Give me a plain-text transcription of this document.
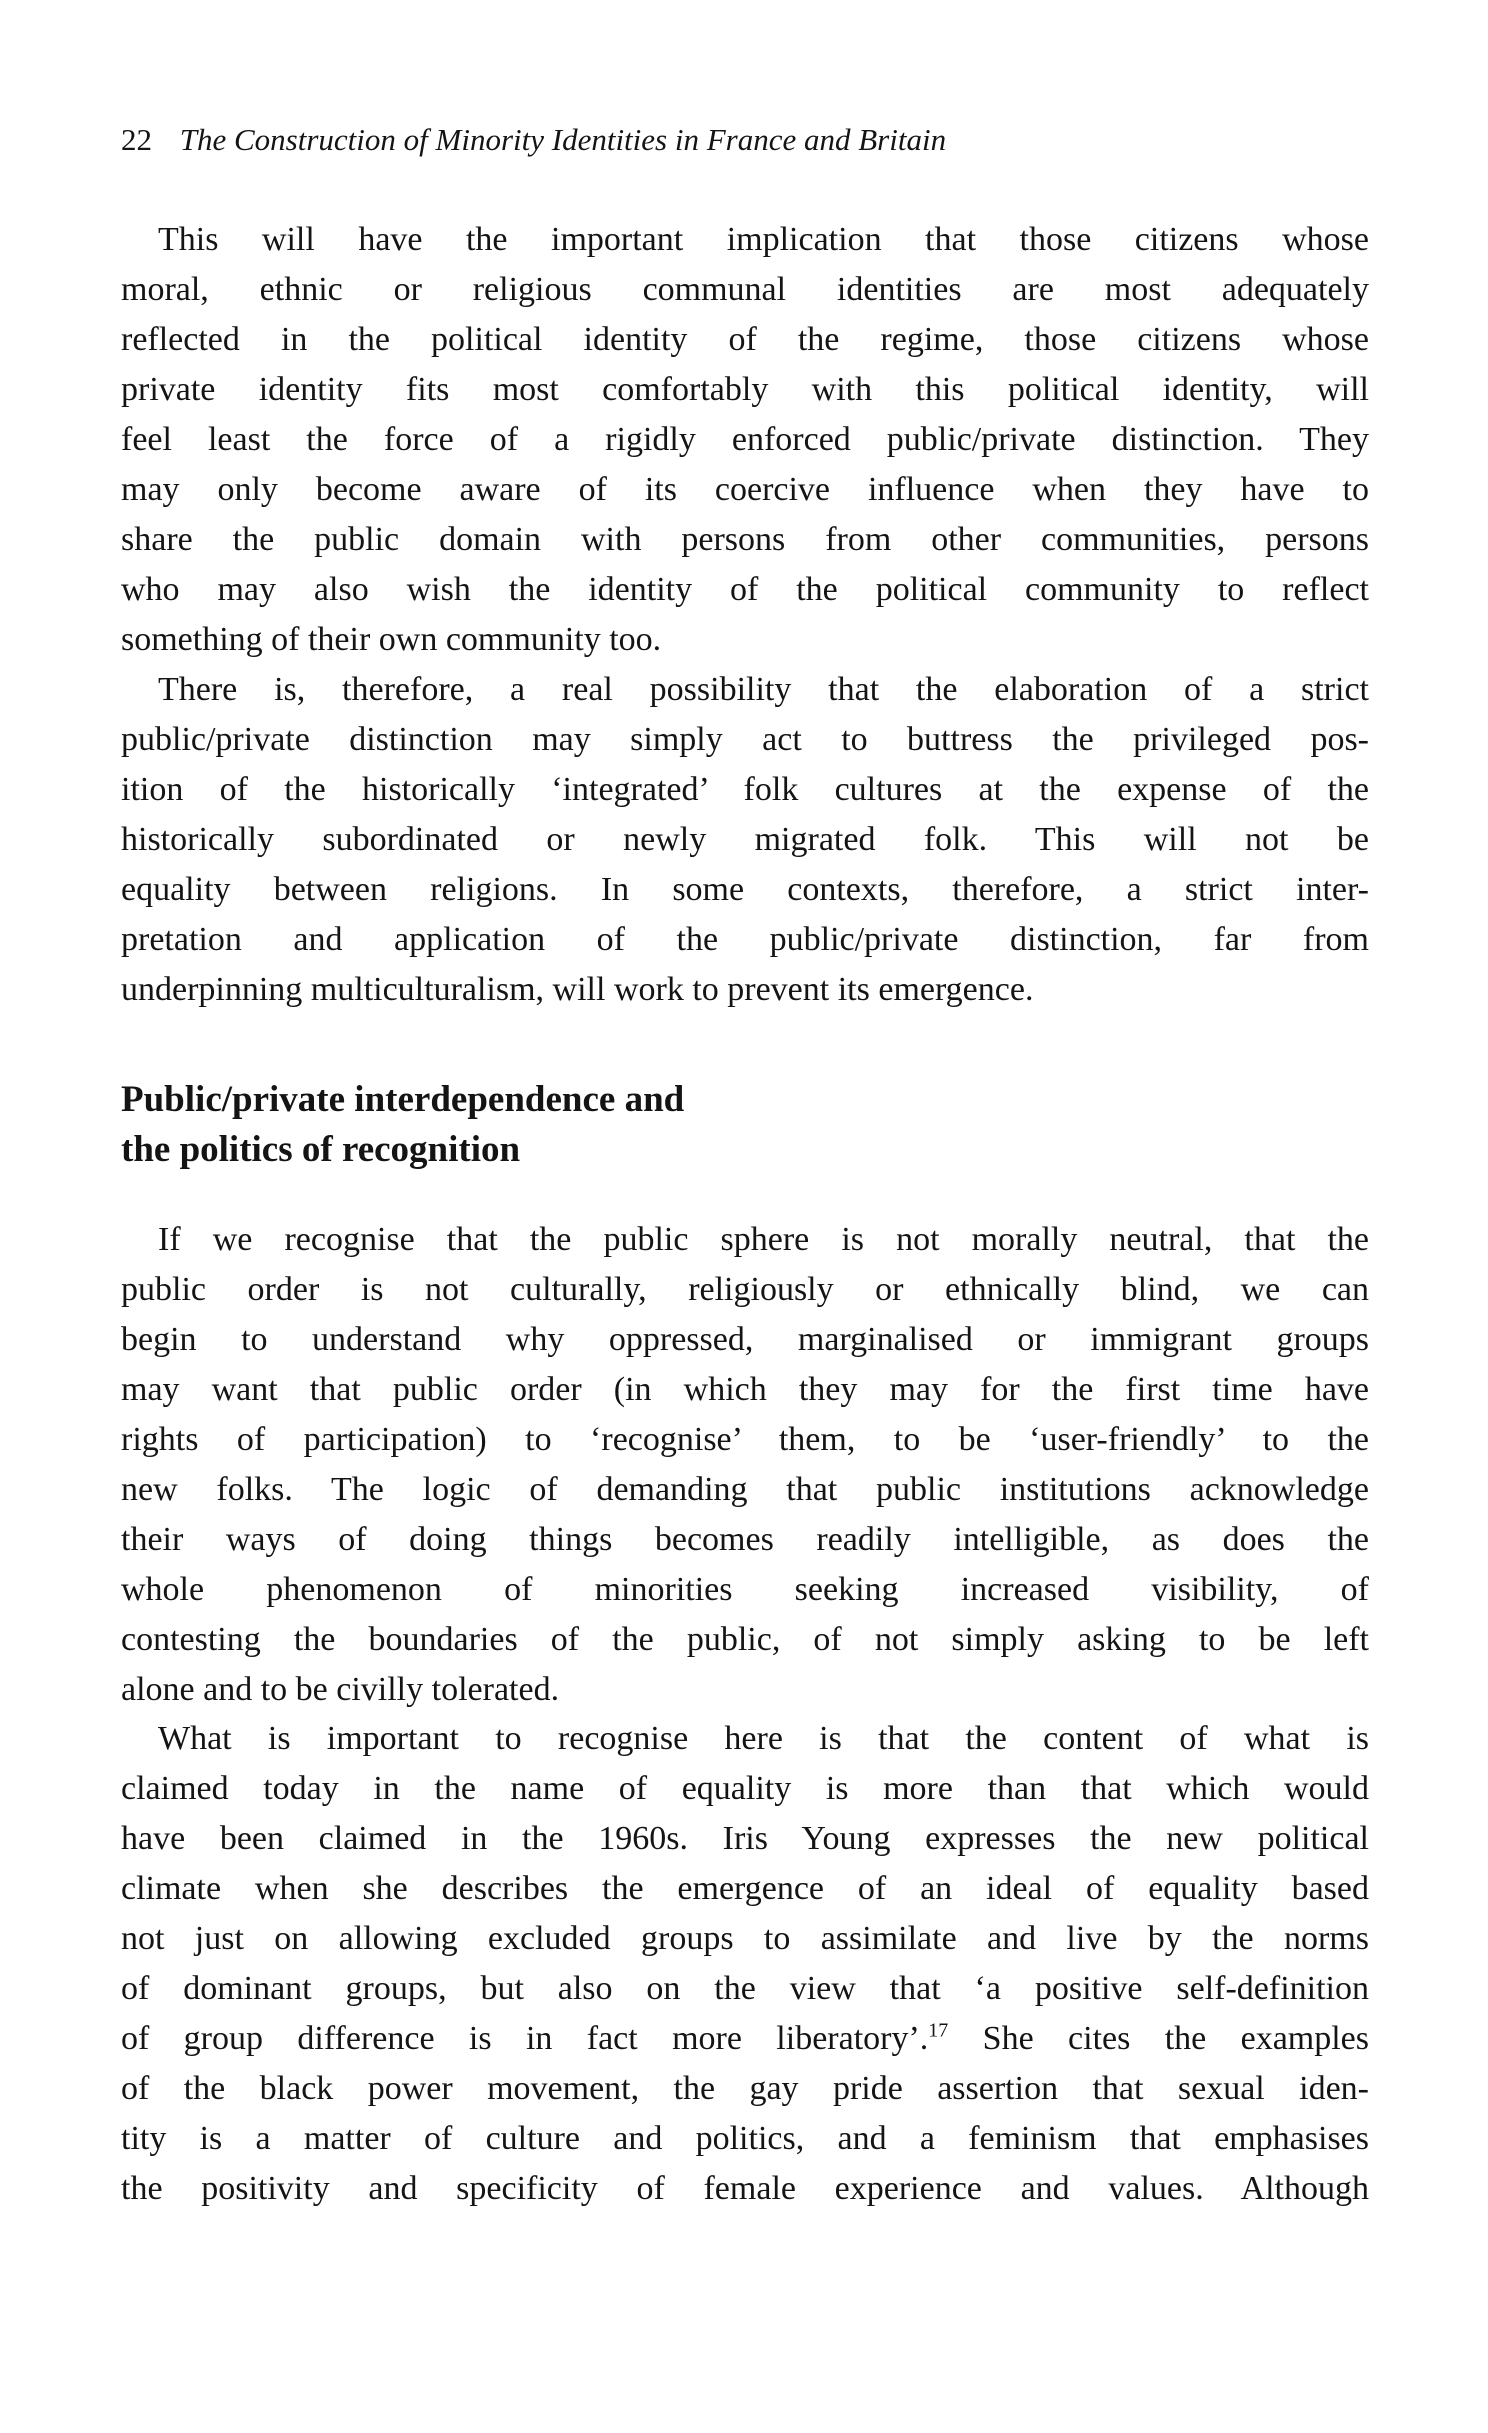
22 The Construction of Minority Identities in France and Britain
This will have the important implication that those citizens whose
moral, ethnic or religious communal identities are most adequately
reflected in the political identity of the regime, those citizens whose
private identity fits most comfortably with this political identity, will
feel least the force of a rigidly enforced public/private distinction. They
may only become aware of its coercive influence when they have to
share the public domain with persons from other communities, persons
who may also wish the identity of the political community to reflect
something of their own community too.
There is, therefore, a real possibility that the elaboration of a strict
public/private distinction may simply act to buttress the privileged pos-
ition of the historically ‘integrated’ folk cultures at the expense of the
historically subordinated or newly migrated folk. This will not be
equality between religions. In some contexts, therefore, a strict inter-
pretation and application of the public/private distinction, far from
underpinning multiculturalism, will work to prevent its emergence.
Public/private interdependence and
the politics of recognition
If we recognise that the public sphere is not morally neutral, that the
public order is not culturally, religiously or ethnically blind, we can
begin to understand why oppressed, marginalised or immigrant groups
may want that public order (in which they may for the first time have
rights of participation) to ‘recognise’ them, to be ‘user-friendly’ to the
new folks. The logic of demanding that public institutions acknowledge
their ways of doing things becomes readily intelligible, as does the
whole phenomenon of minorities seeking increased visibility, of
contesting the boundaries of the public, of not simply asking to be left
alone and to be civilly tolerated.
What is important to recognise here is that the content of what is
claimed today in the name of equality is more than that which would
have been claimed in the 1960s. Iris Young expresses the new political
climate when she describes the emergence of an ideal of equality based
not just on allowing excluded groups to assimilate and live by the norms
of dominant groups, but also on the view that ‘a positive self-definition
of group difference is in fact more liberatory’.$^{17}$ She cites the examples
of the black power movement, the gay pride assertion that sexual iden-
tity is a matter of culture and politics, and a feminism that emphasises
the positivity and specificity of female experience and values. Although
